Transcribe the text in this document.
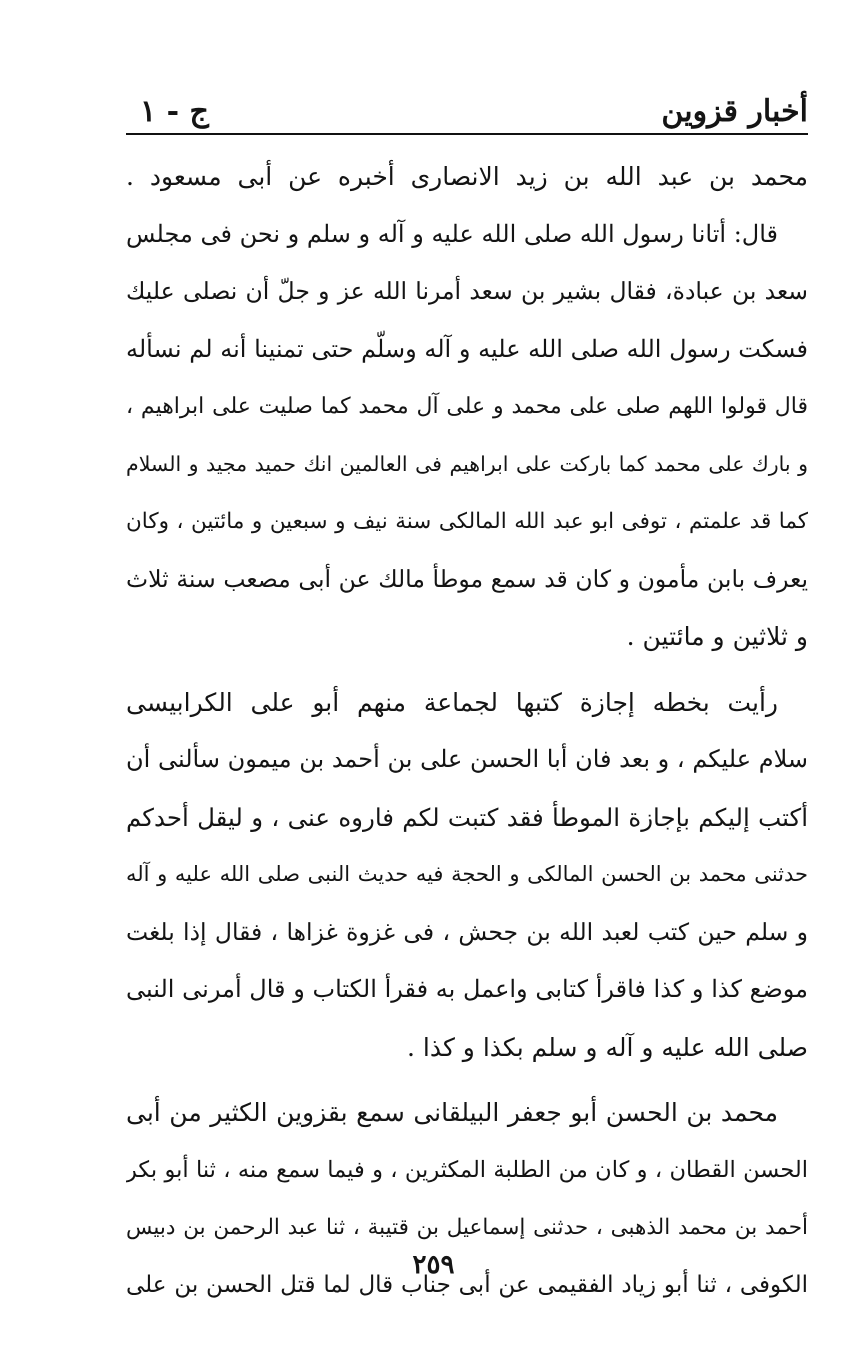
أخبار قزوين
ج - ١
محمد بن عبد الله بن زيد الانصارى أخبره عن أبى مسعود .
قال: أتانا رسول الله صلى الله عليه و آله و سلم و نحن فى مجلس
سعد بن عبادة، فقال بشير بن سعد أمرنا الله عز و جلّ أن نصلى عليك
فسكت رسول الله صلى الله عليه و آله وسلّم حتى تمنينا أنه لم نسأله
قال قولوا اللهم صلى على محمد و على آل محمد كما صليت على ابراهيم ،
و بارك على محمد كما باركت على ابراهيم فى العالمين انك حميد مجيد و السلام
كما قد علمتم ، توفى ابو عبد الله المالكى سنة نيف و سبعين و مائتين ، وكان
يعرف بابن مأمون و كان قد سمع موطأ مالك عن أبى مصعب سنة ثلاث
و ثلاثين و مائتين .
رأيت بخطه إجازة كتبها لجماعة منهم أبو علی الكرابيسى
سلام عليكم ، و بعد فان أبا الحسن على بن أحمد بن ميمون سألنى أن
أكتب إليكم بإجازة الموطأ فقد كتبت لكم فاروه عنى ، و ليقل أحدكم
حدثنى محمد بن الحسن المالكى و الحجة فيه حديث النبى صلى الله عليه و آله
و سلم حين كتب لعبد الله بن جحش ، فى غزوة غزاها ، فقال إذا بلغت
موضع كذا و كذا فاقرأ كتابى واعمل به فقرأ الكتاب و قال أمرنى النبى
صلى الله عليه و آله و سلم بكذا و كذا .
محمد بن الحسن أبو جعفر البيلقانى سمع بقزوين الكثير من أبى
الحسن القطان ، و كان من الطلبة المكثرين ، و فيما سمع منه ، ثنا أبو بكر
أحمد بن محمد الذهبى ، حدثنى إسماعيل بن قتيبة ، ثنا عبد الرحمن بن دبيس
الكوفى ، ثنا أبو زياد الفقيمى عن أبى جناب قال لما قتل الحسن بن على
٢٥٩
